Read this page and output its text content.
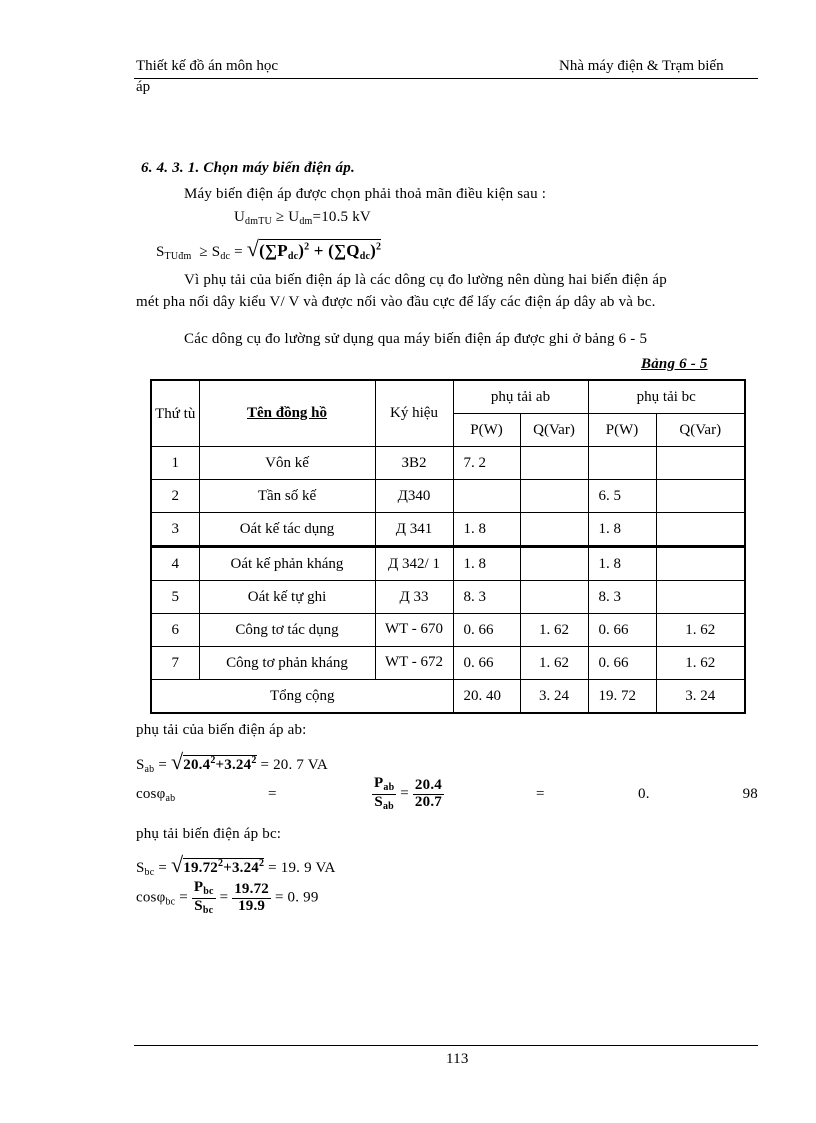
Thiết kế đồ án môn học	Nhà máy điện & Trạm biến
áp
6. 4. 3. 1. Chọn máy biến điện áp.
Máy biến điện áp được chọn phải thoả mãn điều kiện sau :
$U_{dmTU} \ge U_{dm}=10.5$ kV
$S_{TUđm} \ge S_{dc} = √(\sum P_{dc})^2 + (\sum Q_{dc})^2$
Vì phụ tải của biến điện áp là các dông cụ đo lường nên dùng hai biến điện áp
mét pha nối dây kiểu V/ V và được nối vào đầu cực để lấy các điện áp dây ab và bc.
Các dông cụ đo lường sử dụng qua máy biến điện áp được ghi ở bảng 6 - 5
Bảng 6 - 5
Thứ tù	Tên đồng hồ	Ký hiệu	phụ tải ab		phụ tải bc	
			P(W)	Q(Var)	P(W)	Q(Var)
1	Vôn kế	ЗB2	7. 2			
2	Tần số kế	Д340			6. 5	
3	Oát kế tác dụng	Д 341	1. 8		1. 8	
4	Oát kế phản kháng	Д 342/ 1	1. 8		1. 8	
5	Oát kế tự ghi	Д 33	8. 3		8. 3	
6	Công tơ tác dụng	WT - 670	0. 66	1. 62	0. 66	1. 62
7	Công tơ phản kháng	WT - 672	0. 66	1. 62	0. 66	1. 62
Tổng cộng			20. 40	3. 24	19. 72	3. 24
phụ tải của biến điện áp ab:
$S_{ab} = √20.4^2+3.24^2 = 20$. 7 VA
cosφ$_{ab}$	=	$\frac{P_{ab}}{S_{ab}} = \frac{20.4}{20.7}$	=	0.	98
phụ tải biến điện áp bc:
$S_{bc} = √19.72^2+3.24^2 = 19$. 9 VA
$\cos\varphi_{bc} = \frac{P_{bc}}{S_{bc}} = \frac{19.72}{19.9} = 0$. 99
113
